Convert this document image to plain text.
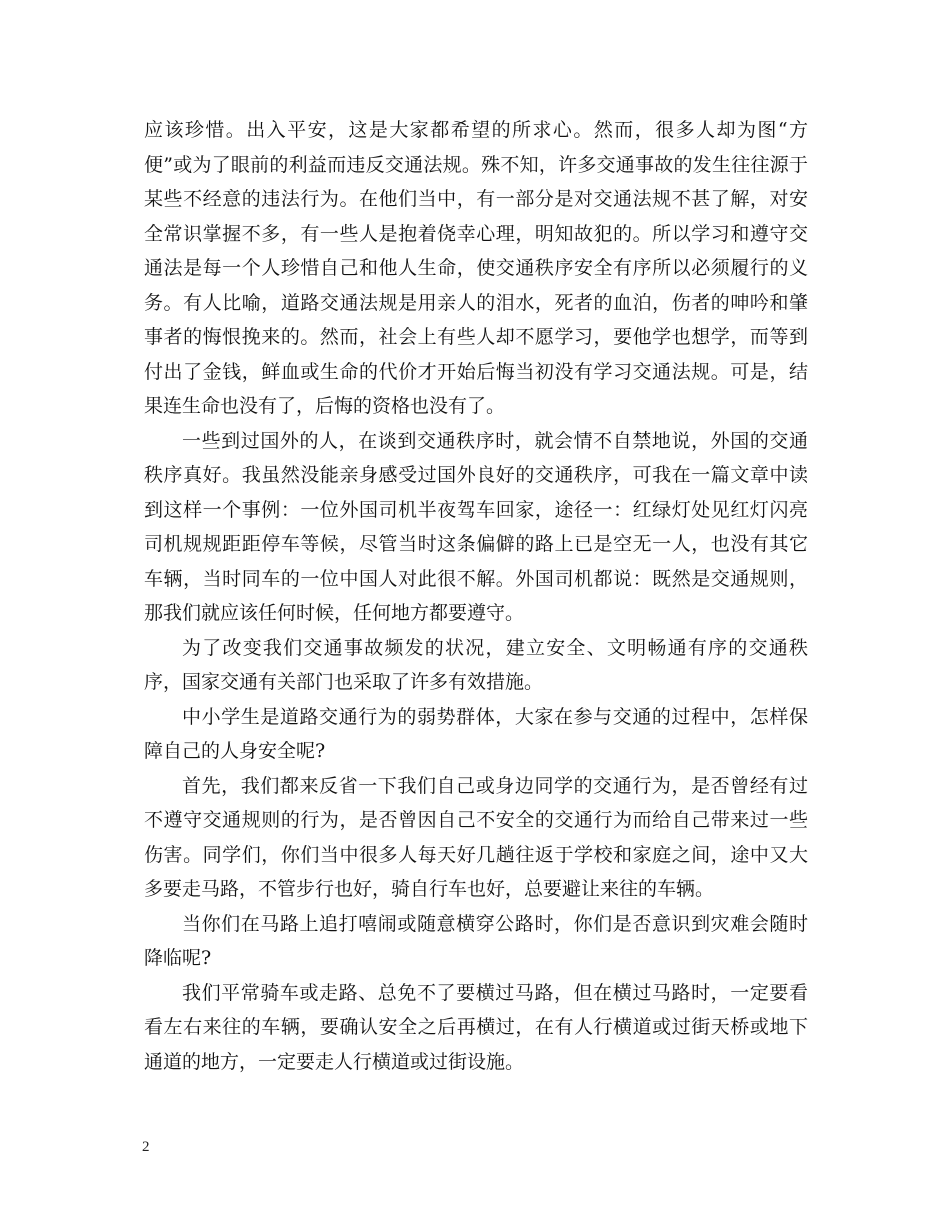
应该珍惜。出入平安，这是大家都希望的所求心。然而，很多人却为图“方便”或为了眼前的利益而违反交通法规。殊不知，许多交通事故的发生往往源于某些不经意的违法行为。在他们当中，有一部分是对交通法规不甚了解，对安全常识掌握不多，有一些人是抱着侥幸心理，明知故犯的。所以学习和遵守交通法是每一个人珍惜自己和他人生命，使交通秩序安全有序所以必须履行的义务。有人比喻，道路交通法规是用亲人的泪水，死者的血泊，伤者的呻吟和肇事者的悔恨挽来的。然而，社会上有些人却不愿学习，要他学也想学，而等到付出了金钱，鲜血或生命的代价才开始后悔当初没有学习交通法规。可是，结果连生命也没有了，后悔的资格也没有了。

一些到过国外的人，在谈到交通秩序时，就会情不自禁地说，外国的交通秩序真好。我虽然没能亲身感受过国外良好的交通秩序，可我在一篇文章中读到这样一个事例：一位外国司机半夜驾车回家，途径一：红绿灯处见红灯闪亮司机规规距距停车等候，尽管当时这条偏僻的路上已是空无一人，也没有其它车辆，当时同车的一位中国人对此很不解。外国司机都说：既然是交通规则，那我们就应该任何时候，任何地方都要遵守。

为了改变我们交通事故频发的状况，建立安全、文明畅通有序的交通秩序，国家交通有关部门也采取了许多有效措施。

中小学生是道路交通行为的弱势群体，大家在参与交通的过程中，怎样保障自己的人身安全呢?

首先，我们都来反省一下我们自己或身边同学的交通行为，是否曾经有过不遵守交通规则的行为，是否曾因自己不安全的交通行为而给自己带来过一些伤害。同学们，你们当中很多人每天好几趟往返于学校和家庭之间，途中又大多要走马路，不管步行也好，骑自行车也好，总要避让来往的车辆。

当你们在马路上追打嘻闹或随意横穿公路时，你们是否意识到灾难会随时降临呢?

我们平常骑车或走路、总免不了要横过马路，但在横过马路时，一定要看看左右来往的车辆，要确认安全之后再横过，在有人行横道或过街天桥或地下通道的地方，一定要走人行横道或过街设施。

2
